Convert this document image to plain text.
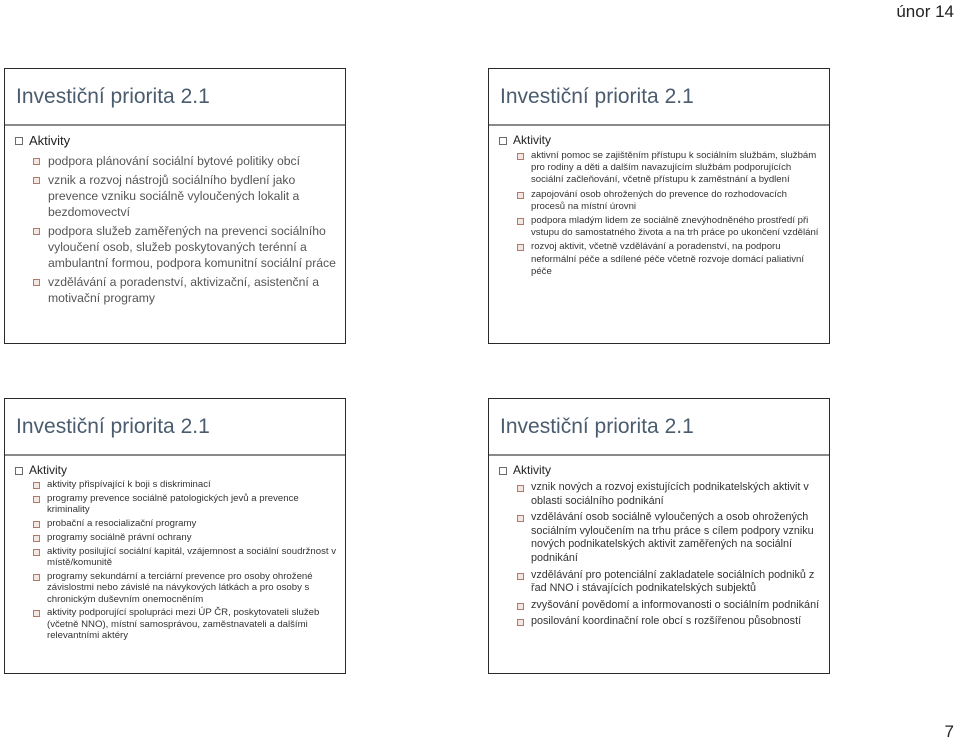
únor 14
Investiční priorita 2.1
Aktivity
podpora plánování sociální bytové politiky obcí
vznik a rozvoj nástrojů sociálního bydlení jako prevence vzniku sociálně vyloučených lokalit a bezdomovectví
podpora služeb zaměřených na prevenci sociálního vyloučení osob, služeb poskytovaných terénní a ambulantní formou, podpora komunitní sociální práce
vzdělávání a poradenství, aktivizační, asistenční a motivační programy
Investiční priorita 2.1
Aktivity
aktivní pomoc se zajištěním přístupu k sociálním službám, službám pro rodiny a děti a dalším navazujícím službám podporujících sociální začleňování, včetně přístupu k zaměstnání a bydlení
zapojování osob ohrožených do prevence do rozhodovacích procesů na místní úrovni
podpora mladým lidem ze sociálně znevýhodněného prostředí při vstupu do samostatného života a na trh práce po ukončení vzdělání
rozvoj aktivit, včetně vzdělávání a poradenství, na podporu neformální péče a sdílené péče včetně rozvoje domácí paliativní péče
Investiční priorita 2.1
Aktivity
aktivity přispívající k boji s diskriminací
programy prevence sociálně patologických jevů a prevence kriminality
probační a resocializační programy
programy sociálně právní ochrany
aktivity posilující sociální kapitál, vzájemnost a sociální soudržnost v místě/komunitě
programy sekundární a terciární prevence pro osoby ohrožené závislostmi nebo závislé na návykových látkách a pro osoby s chronickým duševním onemocněním
aktivity podporující spolupráci mezi ÚP ČR, poskytovateli služeb (včetně NNO), místní samosprávou, zaměstnavateli a dalšími relevantními aktéry
Investiční priorita 2.1
Aktivity
vznik nových a rozvoj existujících podnikatelských aktivit v oblasti sociálního podnikání
vzdělávání osob sociálně vyloučených a osob ohrožených sociálním vyloučením na trhu práce s cílem podpory vzniku nových podnikatelských aktivit zaměřených na sociální podnikání
vzdělávání pro potenciální zakladatele sociálních podniků z řad NNO i stávajících podnikatelských subjektů
zvyšování povědomí a informovanosti o sociálním podnikání
posilování koordinační role obcí s rozšířenou působností
7
